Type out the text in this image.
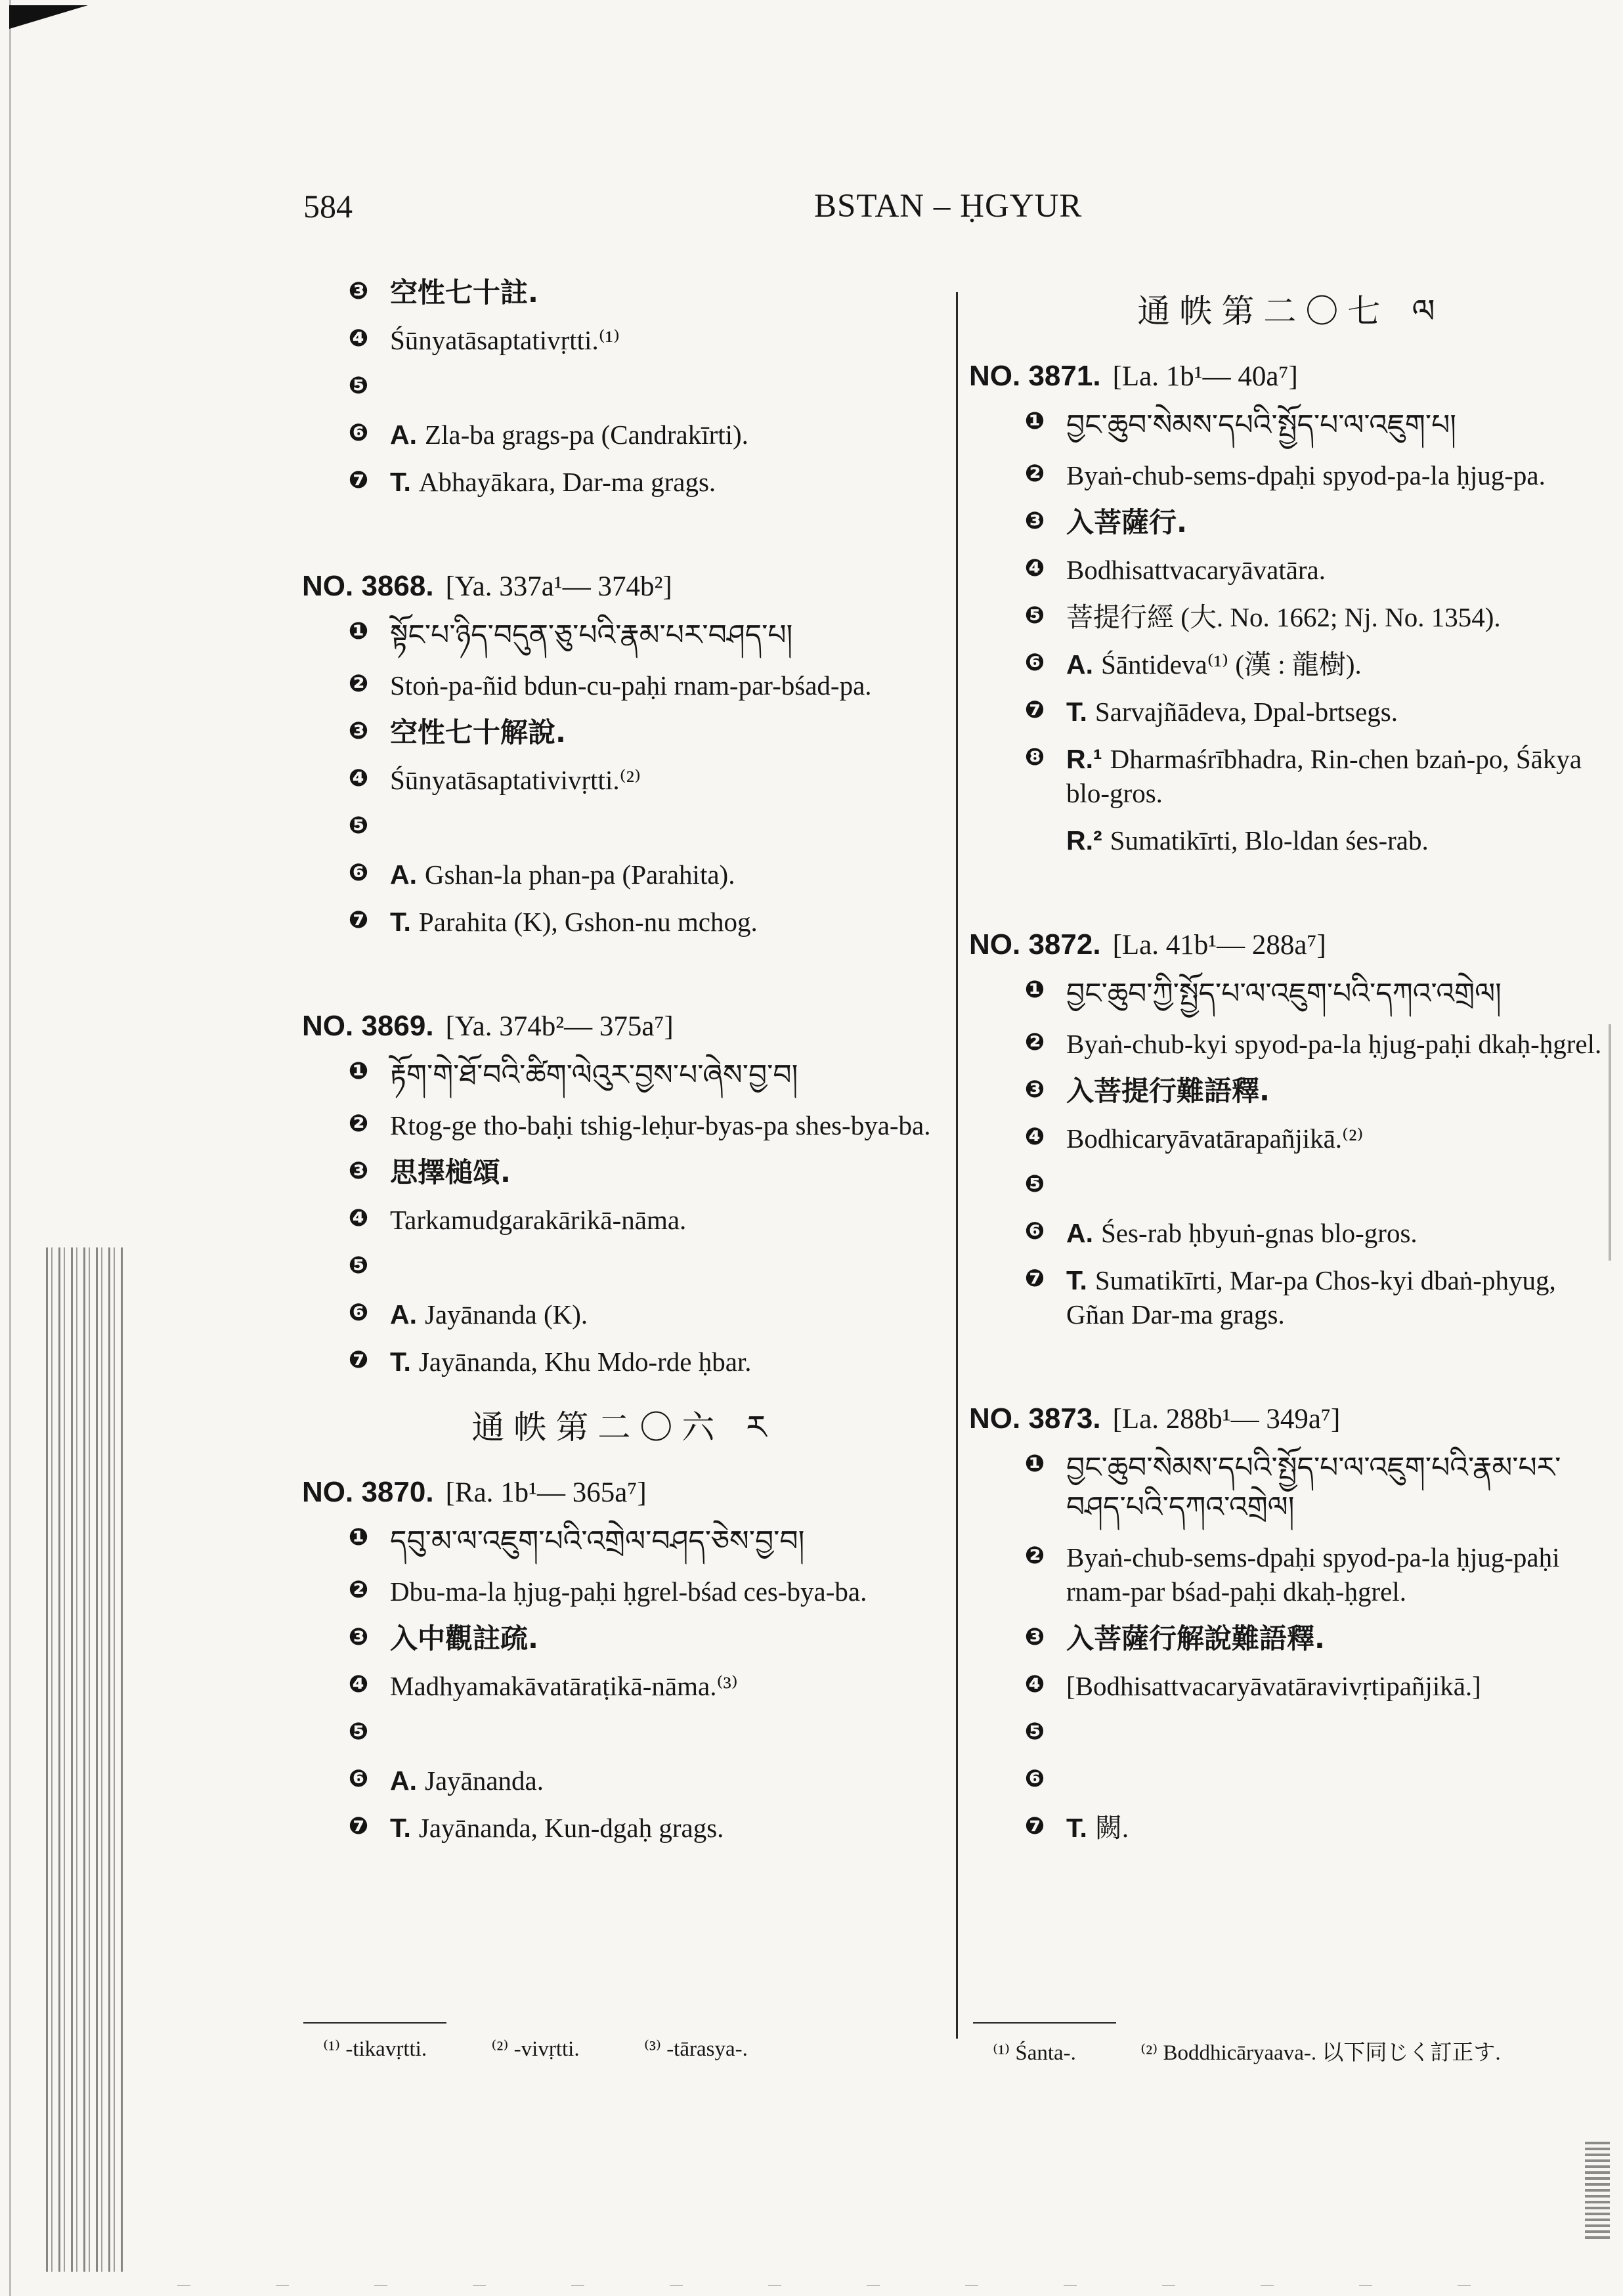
584	BSTAN – ḤGYUR
❸ 空性七十註.
❹ Śūnyatāsaptativṛtti.⁽¹⁾
❺
❻ A. Zla-ba grags-pa (Candrakīrti).
❼ T. Abhayākara, Dar-ma grags.
NO. 3868. [Ya. 337a¹— 374b²]
❶ སྟོང་པ་ཉིད་བདུན་ཅུ་པའི་རྣམ་པར་བཤད་པ།
❷ Stoṅ-pa-ñid bdun-cu-paḥi rnam-par-bśad-pa.
❸ 空性七十解說.
❹ Śūnyatāsaptativivṛtti.⁽²⁾
❺
❻ A. Gshan-la phan-pa (Parahita).
❼ T. Parahita (K), Gshon-nu mchog.
NO. 3869. [Ya. 374b²— 375a⁷]
❶ རྟོག་གེ་ཐོ་བའི་ཚིག་ལེའུར་བྱས་པ་ཞེས་བྱ་བ།
❷ Rtog-ge tho-baḥi tshig-leḥur-byas-pa shes-bya-ba.
❸ 思擇槌頌.
❹ Tarkamudgarakārikā-nāma.
❺
❻ A. Jayānanda (K).
❼ T. Jayānanda, Khu Mdo-rde ḥbar.
通帙第二〇六 ར
NO. 3870. [Ra. 1b¹— 365a⁷]
❶ དབུ་མ་ལ་འཇུག་པའི་འགྲེལ་བཤད་ཅེས་བྱ་བ།
❷ Dbu-ma-la ḥjug-paḥi ḥgrel-bśad ces-bya-ba.
❸ 入中觀註疏.
❹ Madhyamakāvatāraṭikā-nāma.⁽³⁾
❺
❻ A. Jayānanda.
❼ T. Jayānanda, Kun-dgaḥ grags.
通帙第二〇七 ལ
NO. 3871. [La. 1b¹— 40a⁷]
❶ བྱང་ཆུབ་སེམས་དཔའི་སྤྱོད་པ་ལ་འཇུག་པ།
❷ Byaṅ-chub-sems-dpaḥi spyod-pa-la ḥjug-pa.
❸ 入菩薩行.
❹ Bodhisattvacaryāvatāra.
❺ 菩提行經 (大. No. 1662; Nj. No. 1354).
❻ A. Śāntideva⁽¹⁾ (漢 : 龍樹).
❼ T. Sarvajñādeva, Dpal-brtsegs.
❽ R.¹ Dharmaśrībhadra, Rin-chen bzaṅ-po, Śākya blo-gros.
R.² Sumatikīrti, Blo-ldan śes-rab.
NO. 3872. [La. 41b¹— 288a⁷]
❶ བྱང་ཆུབ་ཀྱི་སྤྱོད་པ་ལ་འཇུག་པའི་དཀའ་འགྲེལ།
❷ Byaṅ-chub-kyi spyod-pa-la ḥjug-paḥi dkaḥ-ḥgrel.
❸ 入菩提行難語釋.
❹ Bodhicaryāvatārapañjikā.⁽²⁾
❺
❻ A. Śes-rab ḥbyuṅ-gnas blo-gros.
❼ T. Sumatikīrti, Mar-pa Chos-kyi dbaṅ-phyug, Gñan Dar-ma grags.
NO. 3873. [La. 288b¹— 349a⁷]
❶ བྱང་ཆུབ་སེམས་དཔའི་སྤྱོད་པ་ལ་འཇུག་པའི་རྣམ་པར་བཤད་པའི་དཀའ་འགྲེལ།
❷ Byaṅ-chub-sems-dpaḥi spyod-pa-la ḥjug-paḥi rnam-par bśad-paḥi dkaḥ-ḥgrel.
❸ 入菩薩行解說難語釋.
❹ [Bodhisattvacaryāvatāravivṛtipañjikā.]
❺
❻
❼ T. 闕.
⁽¹⁾ -tikavṛtti.	⁽²⁾ -vivṛtti.	⁽³⁾ -tārasya-.	⁽¹⁾ Śanta-.	⁽²⁾ Boddhicāryaava-. 以下同じく訂正す.
